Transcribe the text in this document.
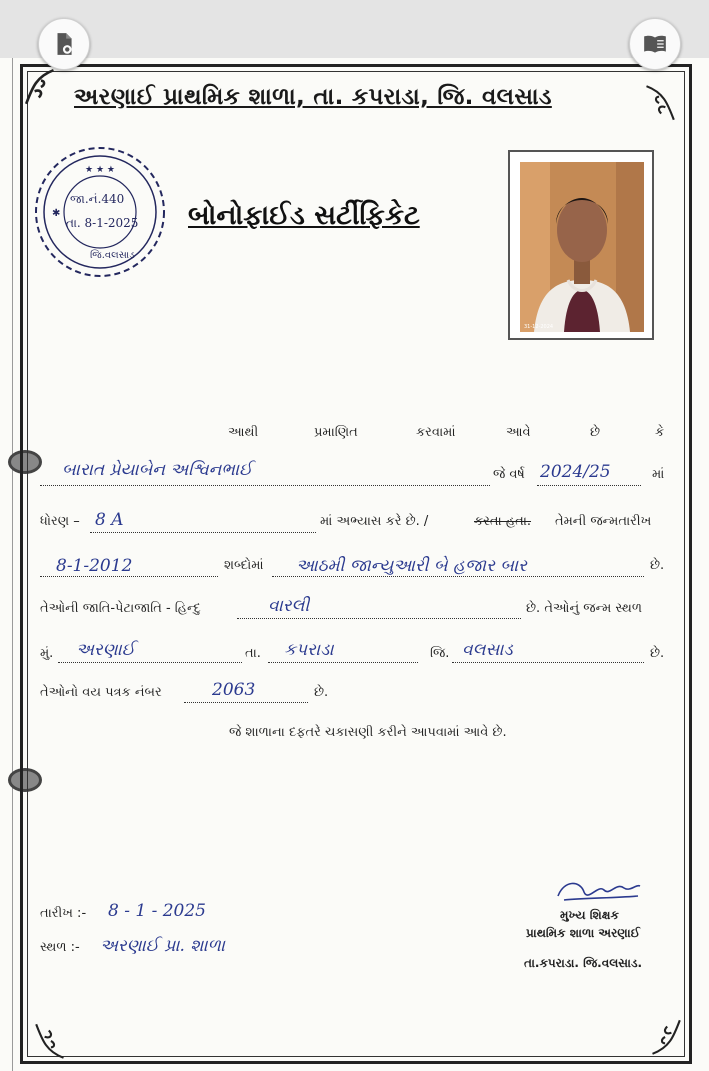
અરણાઈ પ્રાથમિક શાળા, તા. કપરાડા, જિ. વલસાડ
★ ★ ★
✱
જા.નં.440
તા. 8-1-2025
જિ.વલસાડ
બોનોફાઈડ સર્ટીફિકેટ
31-12-2024
આથી	પ્રમાણિત	કરવામાં	આવે	છે	કે
બારાત પ્રેયાબેન અશ્વિનભાઈ	જે વર્ષ 2024/25	માં
ધોરણ – 8 A	માં અભ્યાસ કરે છે. /	કરતા હતા. તેમની જન્મતારીખ
8-1-2012	શબ્દોમાં આઠમી જાન્યુઆરી બે હજાર બાર	છે.
તેઓની જાતિ-પેટાજાતિ - હિન્દુ	વારલી	છે. તેઓનું જન્મ સ્થળ
મું. અરણાઈ	તા. કપરાડા	જિ. વલસાડ	છે.
તેઓનો વય પત્રક નંબર	2063	છે.
જે શાળાના દફતરે ચકાસણી કરીને આપવામાં આવે છે.
તારીખ :- 8 - 1 - 2025
સ્થળ :- અરણાઈ પ્રા. શાળા
મુખ્ય શિક્ષક
પ્રાથમિક શાળા અરણાઈ
તા.કપરાડા. જિ.વલસાડ.
